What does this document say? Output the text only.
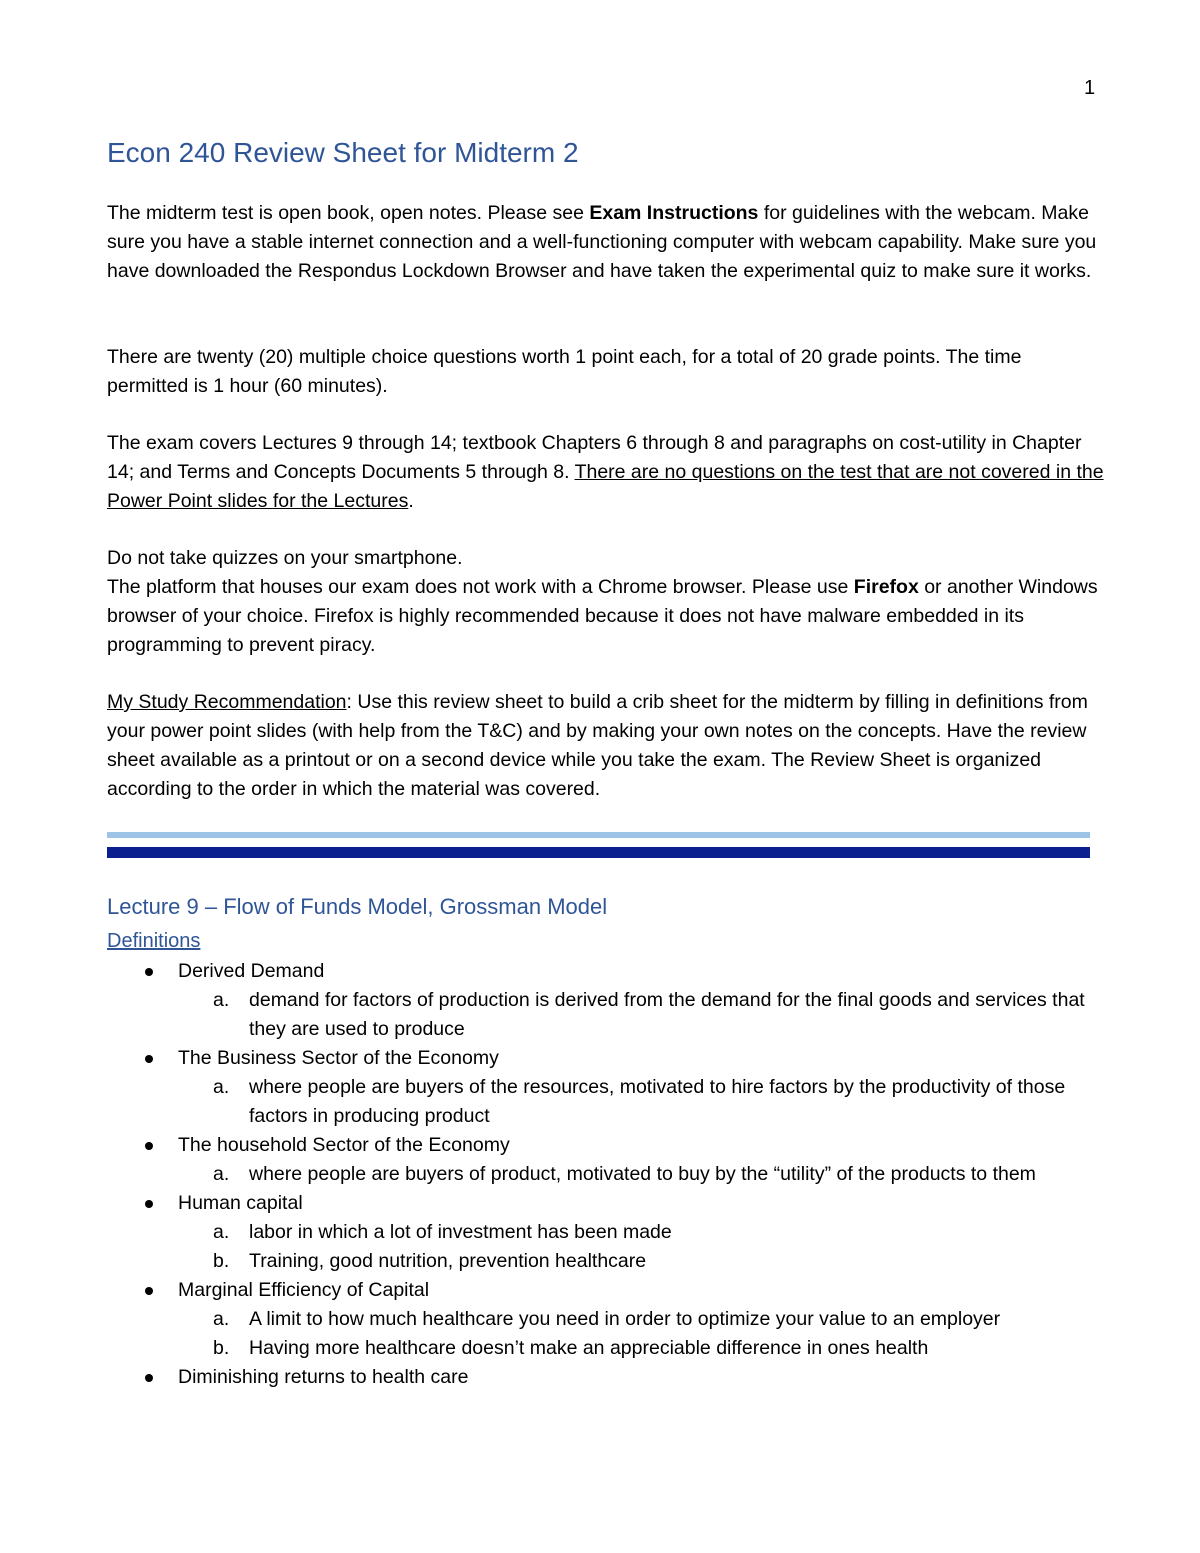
1
Econ 240 Review Sheet for Midterm 2

The midterm test is open book, open notes. Please see Exam Instructions for guidelines with the webcam. Make sure you have a stable internet connection and a well-functioning computer with webcam capability. Make sure you have downloaded the Respondus Lockdown Browser and have taken the experimental quiz to make sure it works.

There are twenty (20) multiple choice questions worth 1 point each, for a total of 20 grade points. The time permitted is 1 hour (60 minutes).

The exam covers Lectures 9 through 14; textbook Chapters 6 through 8 and paragraphs on cost-utility in Chapter 14; and Terms and Concepts Documents 5 through 8. There are no questions on the test that are not covered in the Power Point slides for the Lectures.

Do not take quizzes on your smartphone.
The platform that houses our exam does not work with a Chrome browser. Please use Firefox or another Windows browser of your choice. Firefox is highly recommended because it does not have malware embedded in its programming to prevent piracy.

My Study Recommendation: Use this review sheet to build a crib sheet for the midterm by filling in definitions from your power point slides (with help from the T&C) and by making your own notes on the concepts. Have the review sheet available as a printout or on a second device while you take the exam. The Review Sheet is organized according to the order in which the material was covered.

Lecture 9 – Flow of Funds Model, Grossman Model
Definitions
Derived Demand
a. demand for factors of production is derived from the demand for the final goods and services that they are used to produce
The Business Sector of the Economy
a. where people are buyers of the resources, motivated to hire factors by the productivity of those factors in producing product
The household Sector of the Economy
a. where people are buyers of product, motivated to buy by the “utility” of the products to them
Human capital
a. labor in which a lot of investment has been made
b. Training, good nutrition, prevention healthcare
Marginal Efficiency of Capital
a. A limit to how much healthcare you need in order to optimize your value to an employer
b. Having more healthcare doesn’t make an appreciable difference in ones health
Diminishing returns to health care
